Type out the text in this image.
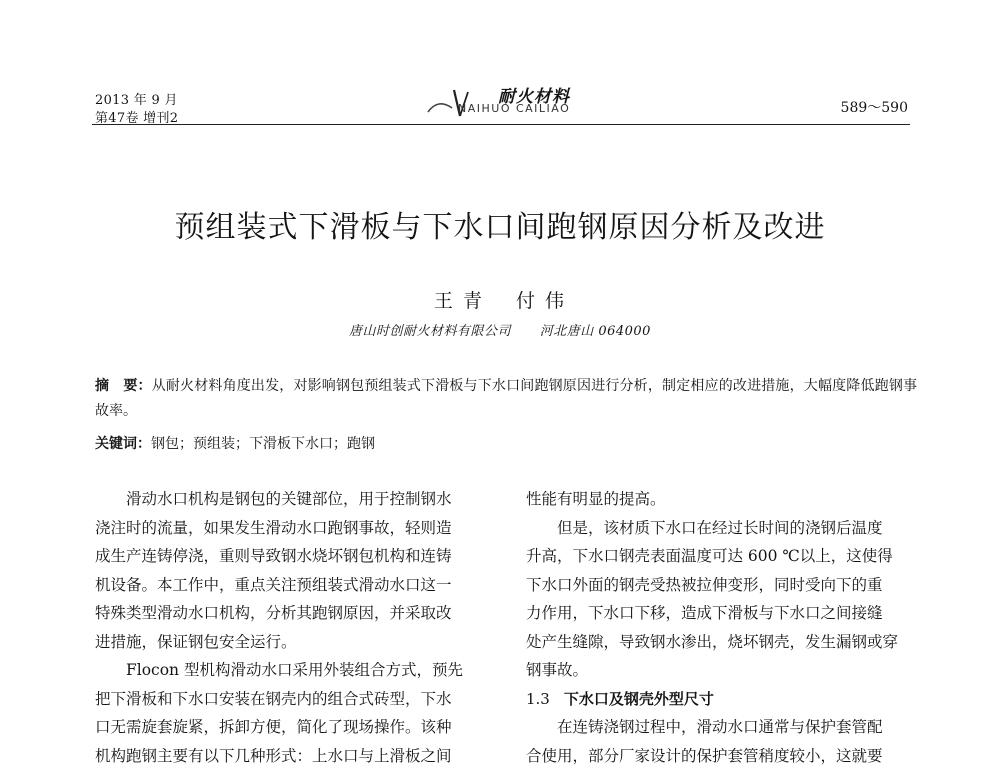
2013 年 9 月
第47卷 增刊2
耐火材料
NAIHUO CAILIAO	589～590
预组装式下滑板与下水口间跑钢原因分析及改进
王 青 付 伟
唐山时创耐火材料有限公司 河北唐山 064000
摘　要：从耐火材料角度出发，对影响钢包预组装式下滑板与下水口间跑钢原因进行分析，制定相应的改进措施，大幅度降低跑钢事故率。
关键词：钢包；预组装；下滑板下水口；跑钢
滑动水口机构是钢包的关键部位，用于控制钢水
浇注时的流量，如果发生滑动水口跑钢事故，轻则造
成生产连铸停浇，重则导致钢水烧坏钢包机构和连铸
机设备。本工作中，重点关注预组装式滑动水口这一
特殊类型滑动水口机构，分析其跑钢原因，并采取改
进措施，保证钢包安全运行。
Flocon 型机构滑动水口采用外装组合方式，预先
把下滑板和下水口安装在钢壳内的组合式砖型，下水
口无需旋套旋紧，拆卸方便，简化了现场操作。该种
机构跑钢主要有以下几种形式：上水口与上滑板之间
性能有明显的提高。
但是，该材质下水口在经过长时间的浇钢后温度
升高，下水口钢壳表面温度可达 600 ℃以上，这使得
下水口外面的钢壳受热被拉伸变形，同时受向下的重
力作用，下水口下移，造成下滑板与下水口之间接缝
处产生缝隙，导致钢水渗出，烧坏钢壳，发生漏钢或穿
钢事故。
1.3 下水口及钢壳外型尺寸
在连铸浇钢过程中，滑动水口通常与保护套管配
合使用，部分厂家设计的保护套管稍度较小，这就要
